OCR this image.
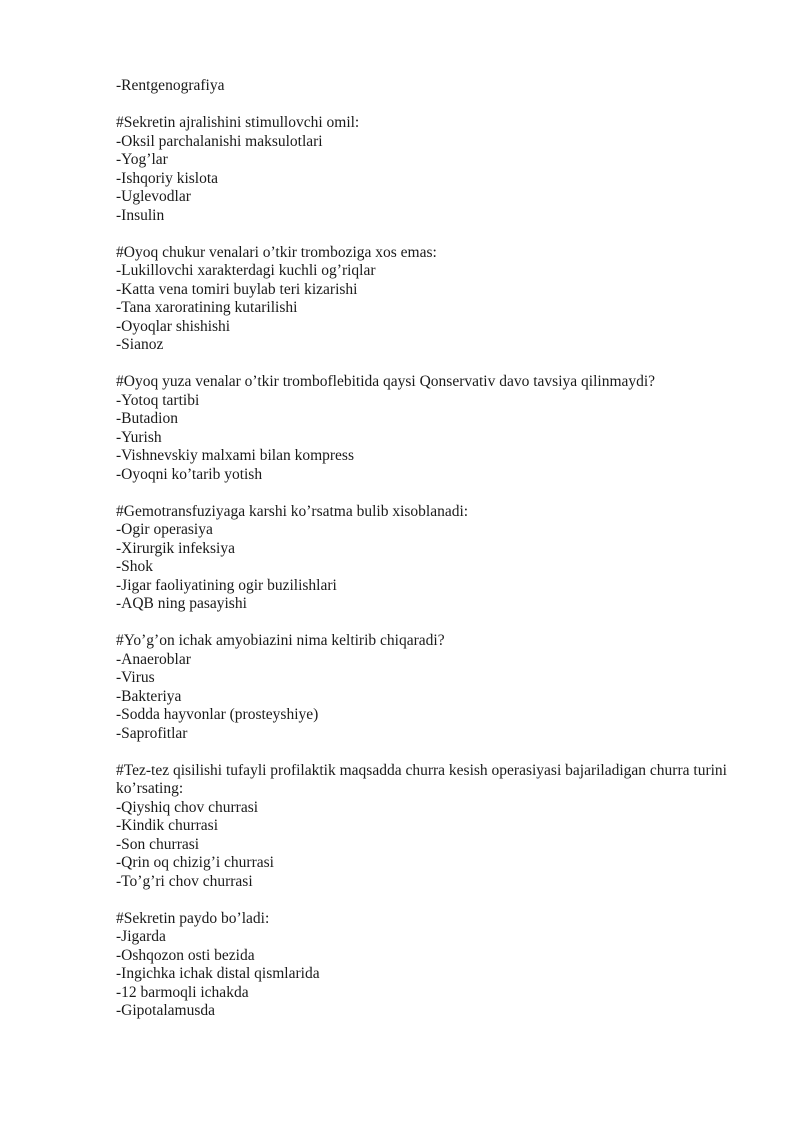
-Rentgenografiya
#Sekretin ajralishini stimullovchi omil:
-Oksil parchalanishi maksulotlari
-Yog’lar
-Ishqoriy kislota
-Uglevodlar
-Insulin
#Oyoq chukur venalari o’tkir tromboziga xos emas:
-Lukillovchi xarakterdagi kuchli og’riqlar
-Katta vena tomiri buylab teri kizarishi
-Tana xaroratining kutarilishi
-Oyoqlar shishishi
-Sianoz
#Oyoq yuza venalar o’tkir tromboflebitida qaysi Qonservativ davo tavsiya qilinmaydi?
-Yotoq tartibi
-Butadion
-Yurish
-Vishnevskiy malxami bilan kompress
-Oyoqni ko’tarib yotish
#Gemotransfuziyaga karshi ko’rsatma bulib xisoblanadi:
-Ogir operasiya
-Xirurgik infeksiya
-Shok
-Jigar faoliyatining ogir buzilishlari
-AQB ning pasayishi
#Yo’g’on ichak amyobiazini nima keltirib chiqaradi?
-Anaeroblar
-Virus
-Bakteriya
-Sodda hayvonlar (prosteyshiye)
-Saprofitlar
#Tez-tez qisilishi tufayli profilaktik maqsadda churra kesish operasiyasi bajariladigan churra turini ko’rsating:
-Qiyshiq chov churrasi
-Kindik churrasi
-Son churrasi
-Qrin oq chizig’i churrasi
-To’g’ri chov churrasi
#Sekretin paydo bo’ladi:
-Jigarda
-Oshqozon osti bezida
-Ingichka ichak distal qismlarida
-12 barmoqli ichakda
-Gipotalamusda
